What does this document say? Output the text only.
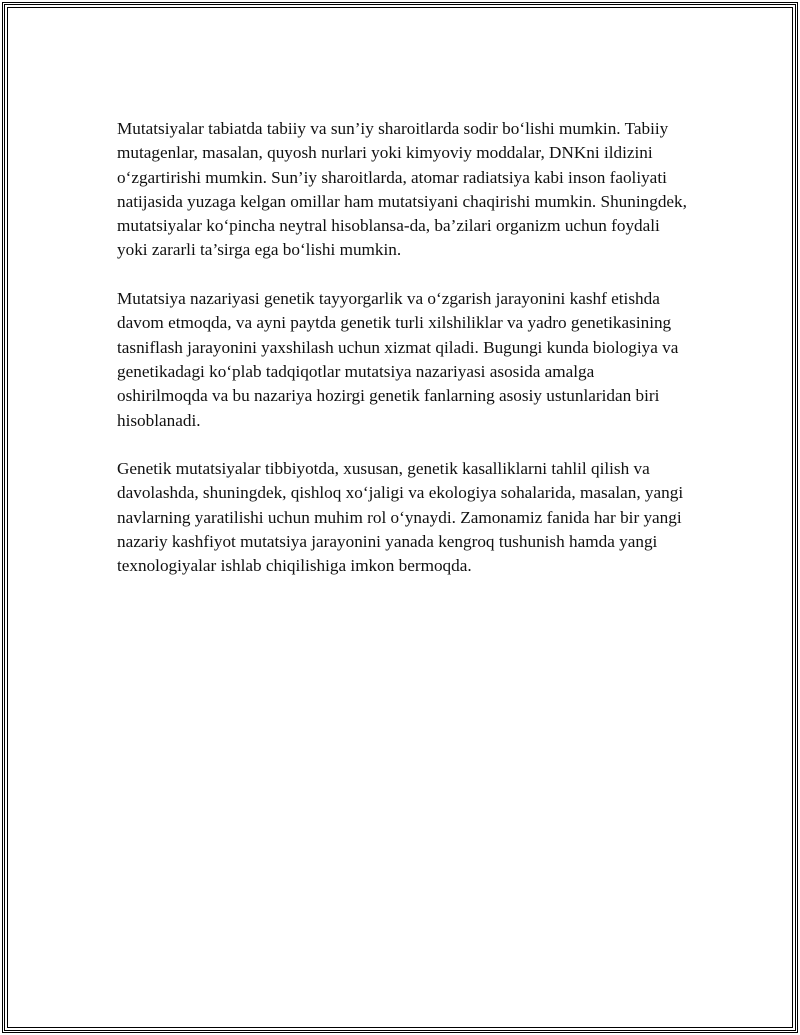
Mutatsiyalar tabiatda tabiiy va sun’iy sharoitlarda sodir bo‘lishi mumkin. Tabiiy mutagenlar, masalan, quyosh nurlari yoki kimyoviy moddalar, DNKni ildizini o‘zgartirishi mumkin. Sun’iy sharoitlarda, atomar radiatsiya kabi inson faoliyati natijasida yuzaga kelgan omillar ham mutatsiyani chaqirishi mumkin. Shuningdek, mutatsiyalar ko‘pincha neytral hisoblansa-da, ba’zilari organizm uchun foydali yoki zararli ta’sirga ega bo‘lishi mumkin.

Mutatsiya nazariyasi genetik tayyorgarlik va o‘zgarish jarayonini kashf etishda davom etmoqda, va ayni paytda genetik turli xilshiliklar va yadro genetikasining tasniflash jarayonini yaxshilash uchun xizmat qiladi. Bugungi kunda biologiya va genetikadagi ko‘plab tadqiqotlar mutatsiya nazariyasi asosida amalga oshirilmoqda va bu nazariya hozirgi genetik fanlarning asosiy ustunlaridan biri hisoblanadi.

Genetik mutatsiyalar tibbiyotda, xususan, genetik kasalliklarni tahlil qilish va davolashda, shuningdek, qishloq xo‘jaligi va ekologiya sohalarida, masalan, yangi navlarning yaratilishi uchun muhim rol o‘ynaydi. Zamonamiz fanida har bir yangi nazariy kashfiyot mutatsiya jarayonini yanada kengroq tushunish hamda yangi texnologiyalar ishlab chiqilishiga imkon bermoqda.
